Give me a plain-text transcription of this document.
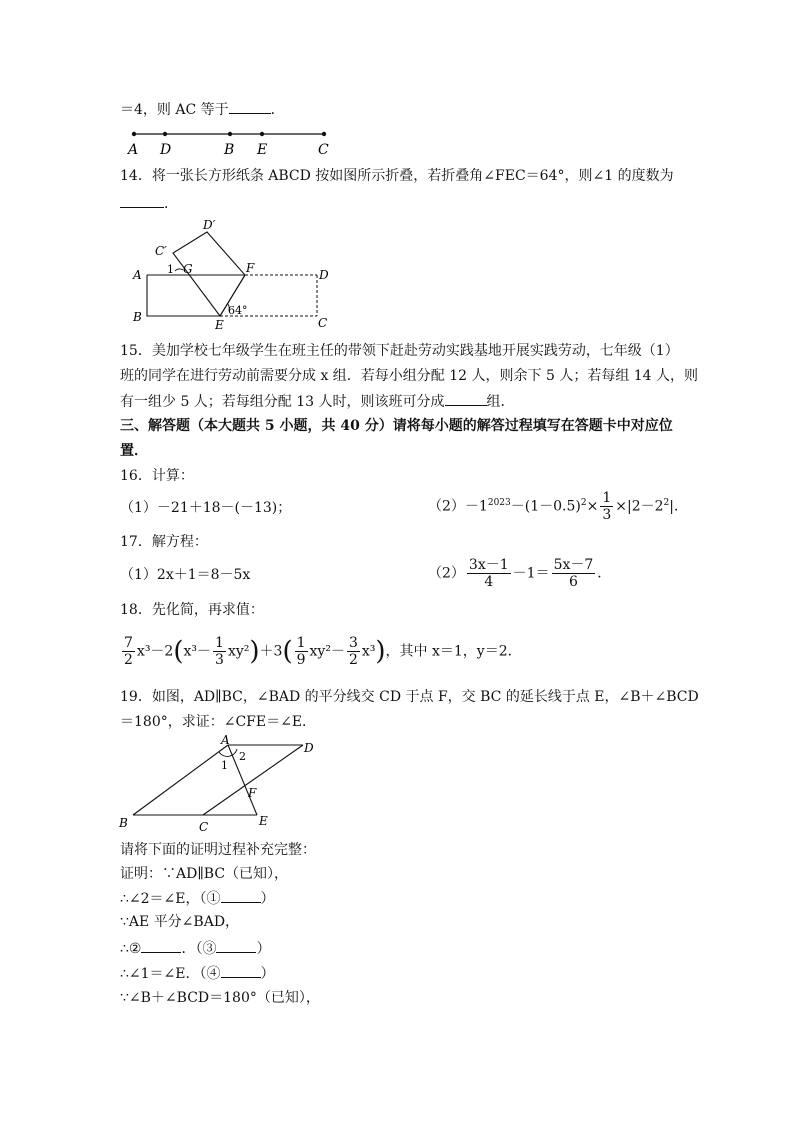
＝4，则 AC 等于	．
A D	B E	C
14．将一张长方形纸条 ABCD 按如图所示折叠，若折叠角∠FEC＝64°，则∠1 的度数为
．
A
B
E	C
D
F
G
C′
D′
1
64°
15．美加学校七年级学生在班主任的带领下赶赴劳动实践基地开展实践劳动，七年级（1）
班的同学在进行劳动前需要分成 x 组．若每小组分配 12 人，则余下 5 人；若每组 14 人，则
有一组少 5 人；若每组分配 13 人时，则该班可分成	组．
三、解答题（本大题共 5 小题，共 40 分）请将每小题的解答过程填写在答题卡中对应位
置．
16．计算：
（1）－21＋18－(－13)；	$(2)-1^{2023}-(1-0.5)^2\times \frac{1}{3} \times|2-2^2|$．
17．解方程：
（1）2x＋1＝8－5x	$(2) \frac{3x-1}{4} -1= \frac{5x-7}{6}$ ．
18．先化简，再求值：
$\frac{7}{2} x^3-2(x^3- \frac{1}{3} xy^2)+3( \frac{1}{9} xy^2- \frac{3}{2} x^3)$，其中 x＝1，y＝2．
19．如图，AD∥BC，∠BAD 的平分线交 CD 于点 F，交 BC 的延长线于点 E，∠B＋∠BCD
＝180°，求证：∠CFE＝∠E．
A
D
B	C	E
F
1
2
请将下面的证明过程补充完整：
证明：∵AD∥BC（已知），
∴∠2＝∠E，（①	）
∵AE 平分∠BAD，
∴②	．（③	）
∴∠1＝∠E．（④	）
∵∠B＋∠BCD＝180°（已知），
